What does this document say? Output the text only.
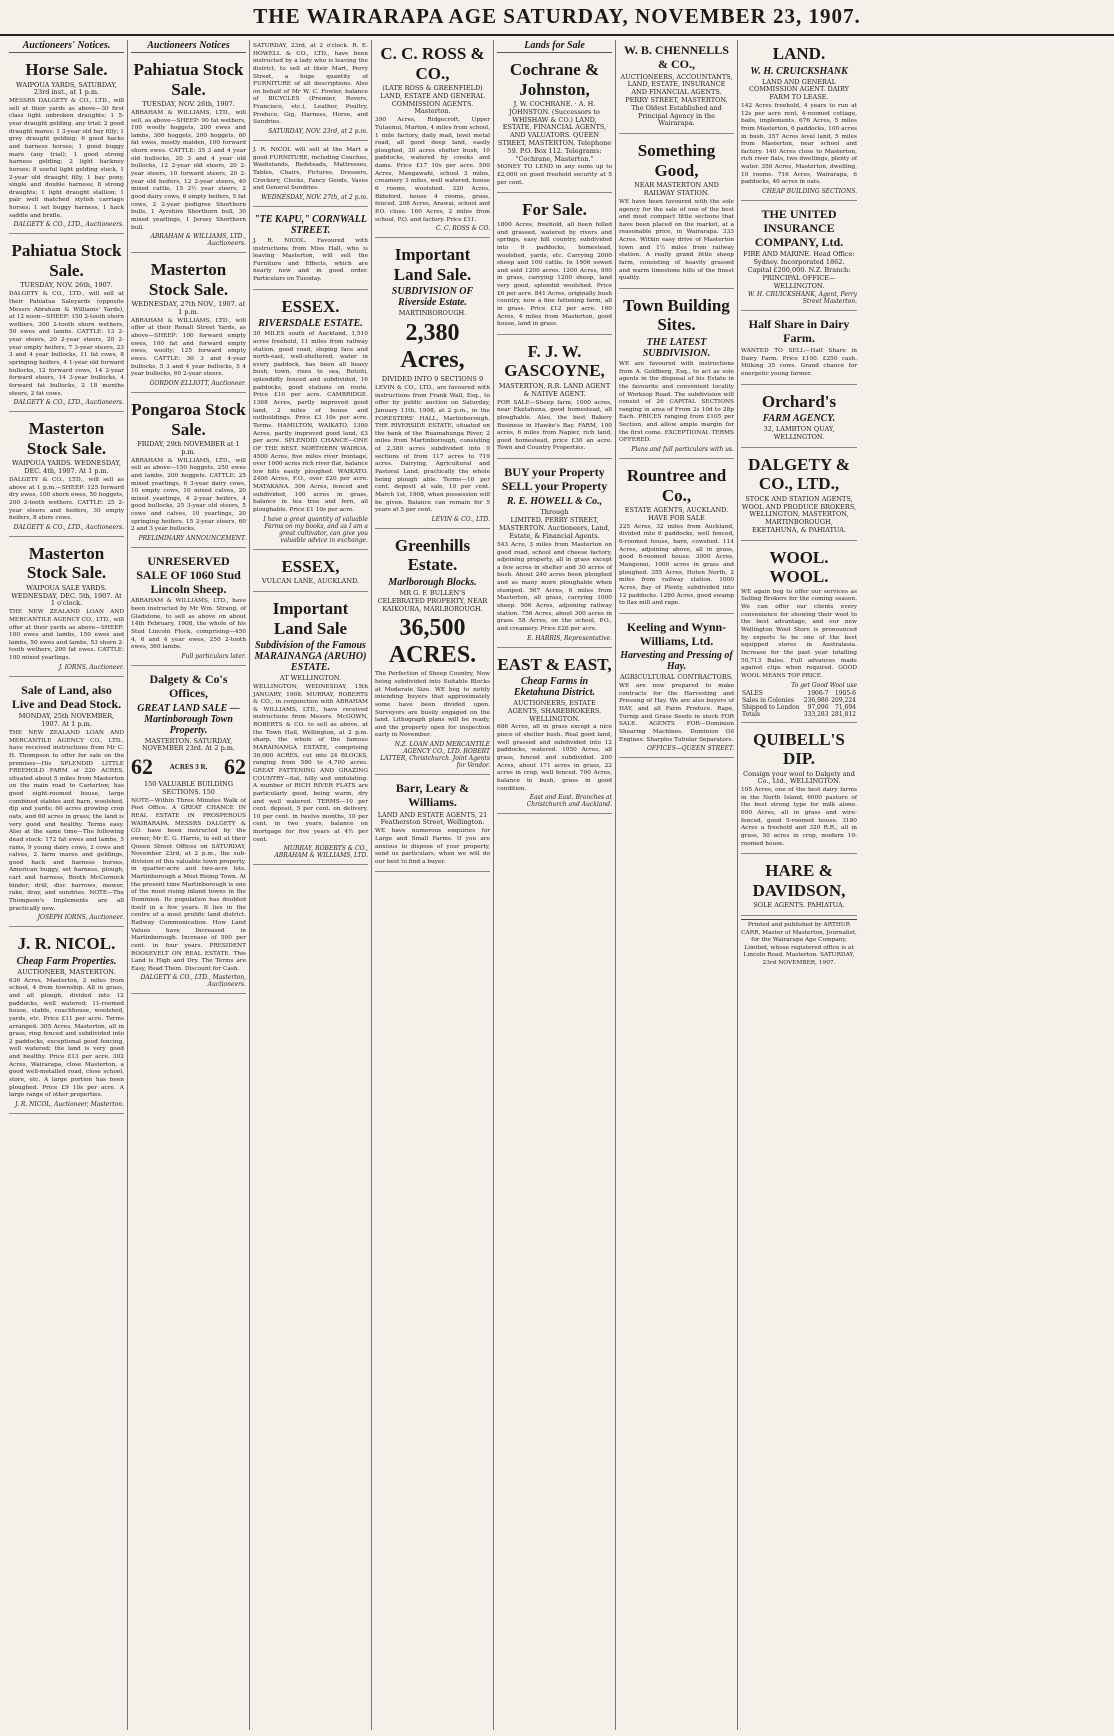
THE WAIRARAPA AGE SATURDAY, NOVEMBER 23, 1907.
Auctioneers' Notices.
Horse Sale.
WAIPOUA YARDS, SATURDAY, 23rd inst., at 1 p.m.
MESSRS DALGETY & CO., LTD., will sell at their yards as above—30 first class light unbroken draughts; 1 5-year draught gelding, any trial; 2 good draught mares; 1 3-year old bay filly; 1 grey draught gelding; 6 good hacks and harness horses; 1 good buggy mare (any trial); 1 good strong harness gelding; 2 light hackney horses; 8 useful light gelding stock, 1 2-year old draught filly, 1 bay pony, single and double harness; 8 strong draughts; 1 light draught stallion; 1 pair well matched stylish carriage horses; 1 set buggy harness, 1 hack saddle and bridle.
DALGETY & CO., LTD., Auctioneers.
Pahiatua Stock Sale.
TUESDAY, NOV. 26th, 1907.
DALGETY & CO., LTD., will sell at their Pahiatua Saleyards (opposite Messrs Abraham & Williams' Yards), at 12 noon—SHEEP: 150 2-tooth shorn wethers, 300 2-tooth shorn wethers, 50 ewes and lambs. CATTLE: 13 2-year steers, 20 2-year steers, 20 2-year empty heifers, 7 3-year steers, 23 3 and 4 year bullocks, 11 fat cows, 8 springing heifers, 4 1-year old forward bullocks, 12 forward cows, 14 2-year forward steers, 14 3-year bullocks, 4 forward fat bullocks, 2 18 months steers, 2 fat cows.
DALGETY & CO., LTD., Auctioneers.
Masterton Stock Sale.
WAIPOUA YARDS. WEDNESDAY, DEC. 4th, 1907. At 1 p.m.
DALGETY & CO., LTD., will sell as above at 1 p.m.—SHEEP: 125 forward dry ewes, 100 shorn ewes, 50 hoggets, 200 2-tooth wethers. CATTLE: 25 2-year steers and heifers, 30 empty heifers, 8 store cows.
DALGETY & CO., LTD., Auctioneers.
Masterton Stock Sale.
WAIPOUA SALE YARDS. WEDNESDAY, DEC. 5th, 1907. At 1 o'clock.
THE NEW ZEALAND LOAN AND MERCANTILE AGENCY CO., LTD., will offer at their yards as above—SHEEP: 100 ewes and lambs, 150 ewes and lambs, 50 ewes and lambs, 53 shorn 2-tooth wethers, 200 fat ewes. CATTLE: 100 mixed yearlings.
J. IORNS, Auctioneer.
Sale of Land, also Live and Dead Stock.
MONDAY, 25th NOVEMBER, 1907. At 1 p.m.
THE NEW ZEALAND LOAN AND MERCANTILE AGENCY CO., LTD., have received instructions from Mr C. H. Thompson to offer for sale on the premises—His SPLENDID LITTLE FREEHOLD FARM of 220 ACRES, situated about 5 miles from Masterton on the main road to Carterton; has good eight-roomed house, large combined stables and barn, woolshed, dip and yards; 60 acres growing crop oats, and 60 acres in grass; the land is very good and healthy. Terms easy. Also at the same time—The following dead stock: 172 fat ewes and lambs, 5 rams, 9 young dairy cows, 2 cows and calves, 2 farm mares and geldings, good hack and harness horses, American buggy, set harness, plough, cart and harness, Booth McCormick binder, drill, disc harrows, mower, rake, dray, and sundries. NOTE—The Thompson's Implements are all practically new.
JOSEPH IORNS, Auctioneer.
J. R. NICOL.
Cheap Farm Properties.
AUCTIONEER, MASTERTON.
636 Acres, Masterton, 2 miles from school, 4 from township. All in grass, and all plough, divided into 12 paddocks, well watered; 11-roomed house, stable, coachhouse, woolshed, yards, etc. Price £11 per acre. Terms arranged. 305 Acres, Masterton, all in grass, ring fenced and subdivided into 2 paddocks, exceptional good fencing, well watered; the land is very good and healthy. Price £13 per acre. 302 Acres, Wairarapa, close Masterton, a good well-metalled road, close school, store, etc. A large portion has been ploughed. Price £9 10s per acre. A large range of other properties.
J. R. NICOL, Auctioneer, Masterton.
Auctioneers Notices
Pahiatua Stock Sale.
TUESDAY, NOV. 26th, 1907.
ABRAHAM & WILLIAMS, LTD., will sell, as above—SHEEP: 90 fat wethers, 100 woolly hoggets, 200 ewes and lambs, 300 hoggets, 200 hoggets, 60 fat ewes, mostly maiden, 100 forward shorn ewes. CATTLE: 35 3 and 4 year old bullocks, 20 3 and 4 year old bullocks, 12 2-year old steers, 20 2-year steers, 10 forward steers, 20 2-year old heifers, 12 2-year steers, 40 mixed cattle, 15 2½ year steers, 2 good dairy cows, 6 empty heifers, 5 fat cows, 2 2-year pedigree Shorthorn bulls, 1 Ayrshire Shorthorn bull, 30 mixed yearlings, 1 Jersey Shorthorn bull.
ABRAHAM & WILLIAMS, LTD., Auctioneers.
Masterton Stock Sale.
WEDNESDAY, 27th NOV., 1907. at 1 p.m.
ABRAHAM & WILLIAMS, LTD., will offer at their Renall Street Yards, as above—SHEEP: 100 forward empty ewes, 100 fat and forward empty ewes, woolly; 125 forward empty ewes. CATTLE: 30 3 and 4-year bullocks, 5 3 and 4 year bullocks, 5 4 year bullocks, 60 2-year steers.
GORDON ELLIOTT, Auctioneer.
Pongaroa Stock Sale.
FRIDAY, 29th NOVEMBER at 1 p.m.
ABRAHAM & WILLIAMS, LTD., will sell as above—150 hoggets, 250 ewes and lambs, 200 hoggets. CATTLE: 25 mixed yearlings, 6 3-year dairy cows, 10 empty cows, 10 mixed calves, 20 mixed yearlings, 4 2-year heifers, 4 good bullocks, 25 3-year old steers, 5 cows and calves, 10 yearlings, 20 springing heifers, 15 2-year steers, 60 2 and 3 year bullocks.
PRELIMINARY ANNOUNCEMENT.
UNRESERVED SALE OF 1060 Stud Lincoln Sheep.
ABRAHAM & WILLIAMS, LTD., have been instructed by Mr Wm. Strang, of Gladstone, to sell as above on about 14th February, 1908, the whole of his Stud Lincoln Flock, comprising—450 4, 6 and 4 year ewes, 250 2-tooth ewes, 360 lambs.
Full particulars later.
Dalgety & Co's Offices,
GREAT LAND SALE — Martinborough Town Property.
MASTERTON. SATURDAY, NOVEMBER 23rd. At 2 p.m.
62 ACRES 3 R. 62
150 VALUABLE BUILDING SECTIONS. 150
NOTE—Within Three Minutes Walk of Post Office. A GREAT CHANCE IN REAL ESTATE IN PROSPEROUS WAIRARAPA. MESSRS DALGETY & CO. have been instructed by the owner, Mr E. G. Harris, to sell at their Queen Street Offices on SATURDAY, November 23rd, at 2 p.m., the sub-division of this valuable town property, in quarter-acre and two-acre lots. Martinborough a Most Rising Town. At the present time Martinborough is one of the most rising inland towns in the Dominion. Its population has doubled itself in a few years. It lies in the centre of a most prolific land district. Railway Communication. How Land Values have Increased in Martinborough. Increase of 500 per cent. in four years. PRESIDENT ROOSEVELT ON REAL ESTATE. This Land is High and Dry. The Terms are Easy, Read Them. Discount for Cash.
DALGETY & CO., LTD., Masterton, Auctioneers.
SATURDAY, 23rd, at 2 o'clock. R. E. HOWELL & CO., LTD., have been instructed by a lady who is leaving the district, to sell at their Mart, Perry Street, a huge quantity of FURNITURE of all descriptions. Also on behalf of Mr W. C. Fowler, balance of BICYCLES (Premier, Rovers, Francisco, etc.), Leather, Poultry, Produce, Gig, Harness, Horse, and Sundries.
SATURDAY, NOV. 23rd, at 2 p.m.
J. R. NICOL will sell at the Mart a good FURNITURE, including Couches, Washstands, Bedsteads, Mattresses, Tables, Chairs, Pictures, Dressers, Crockery, Clocks, Fancy Goods, Vases and General Sundries.
WEDNESDAY, NOV. 27th, at 2 p.m.
"TE KAPU," CORNWALL STREET.
J. R. NICOL. Favoured with instructions from Miss Hall, who is leaving Masterton, will sell the Furniture and Effects, which are nearly new and in good order. Particulars on Tuesday.
ESSEX.
RIVERSDALE ESTATE.
30 MILES south of Auckland, 1,510 acres freehold, 11 miles from railway station, good road, sloping face and north-east, well-sheltered, water in every paddock, has been all heavy bush, town, rises to sea, Rotoiti, splendidly fenced and subdivided, 16 paddocks, good stations on route. Price £10 per acre. CAMBRIDGE. 1368 Acres, partly improved good land, 2 miles of house and outbuildings. Price £3 10s per acre. Terms. HAMILTON, WAIKATO. 1300 Acres, partly improved good land, £3 per acre. SPLENDID CHANCE—ONE OF THE BEST. NORTHERN WAIROA. 4500 Acres, five miles river frontage, over 1000 acres rich river flat, balance low hills easily ploughed. WAIKATO. 2400 Acres, F.O., over £20 per acre. MATAKANA. 306 Acres, fenced and subdivided, 100 acres in grass, balance in tea tree and fern, all ploughable. Price £1 10s per acre.
I have a great quantity of valuable Farms on my books, and as I am a great cultivator, can give you valuable advice in exchange.
ESSEX,
VULCAN LANE, AUCKLAND.
Important Land Sale
Subdivision of the Famous MARAINANGA (ARUHO) ESTATE.
AT WELLINGTON.
WELLINGTON, WEDNESDAY, 15th JANUARY, 1908. MURRAY, ROBERTS & CO., in conjunction with ABRAHAM & WILLIAMS, LTD., have received instructions from Messrs. McGOWN, ROBERTS & CO. to sell as above, at the Town Hall, Wellington, at 2 p.m. sharp, the whole of the famous MARAINANGA ESTATE, comprising 36,000 ACRES, cut into 24 BLOCKS, ranging from 580 to 4,700 acres. GREAT FATTENING AND GRAZING COUNTRY—flat, hilly and undulating. A number of RICH RIVER FLATS are particularly good, being warm, dry and well watered. TERMS—10 per cent. deposit, 5 per cent. on delivery, 10 per cent. in twelve months, 10 per cent. in two years, balance on mortgage for five years at 4½ per cent.
MURRAY, ROBERTS & CO., ABRAHAM & WILLIAMS, LTD.
C. C. ROSS & CO.,
(LATE ROSS & GREENFIELD) LAND, ESTATE AND GENERAL COMMISSION AGENTS. Masterton.
390 Acres, Ridgecroft, Upper Tutaenui, Marton, 4 miles from school, 1 mile factory, daily mail, level metal road, all good deep land, easily ploughed, 30 acres shelter bush, 10 paddocks, watered by creeks and dams. Price £17 10s per acre. 500 Acres, Mangawahi, school 3 miles, creamery 3 miles, well watered, house 6 rooms, woolshed. 320 Acres, Bideford, house 4 rooms, grass, fenced. 208 Acres, Arawai, school and P.O. close. 160 Acres, 2 miles from school, P.O. and factory. Price £11.
C. C. ROSS & CO.
Important Land Sale.
SUBDIVISION OF Riverside Estate.
MARTINBOROUGH.
2,380 Acres,
DIVIDED INTO 9 SECTIONS 9
LEVIN & CO., LTD., are favoured with instructions from Frank Wall, Esq., to offer by public auction on Saturday, January 11th, 1908, at 2 p.m., in the FORESTERS' HALL, Martinborough. THE RIVERSIDE ESTATE, situated on the bank of the Ruamahunga River, 2 miles from Martinborough, consisting of 2,380 acres subdivided into 9 sections of from 117 acres to 719 acres. Dairying, Agricultural and Pastoral Land, practically the whole being plough able. Terms—10 per cent. deposit at sale, 10 per cent. March 1st, 1908, when possession will be given. Balance can remain for 5 years at 5 per cent.
LEVIN & CO., LTD.
Greenhills Estate.
Marlborough Blocks.
MR G. F. BULLEN'S CELEBRATED PROPERTY, NEAR KAIKOURA, MARLBOROUGH.
36,500 ACRES.
The Perfection of Sheep Country, Now being subdivided into Suitable Blocks at Moderate Size. WE beg to notify intending buyers that approximately some have been divided upon. Surveyors are busily engaged on the land. Lithograph plans will be ready, and the property open for inspection early in November.
N.Z. LOAN AND MERCANTILE AGENCY CO., LTD. ROBERT LATTER, Christchurch. Joint Agents for Vendor.
Barr, Leary & Williams.
LAND AND ESTATE AGENTS, 21 Featherston Street, Wellington.
WE have numerous enquiries for Large and Small Farms. If you are anxious to dispose of your property, send us particulars, when we will do our best to find a buyer.
Lands for Sale
Cochrane & Johnston,
J. W. COCHRANE. · A. H. JOHNSTON. (Successors to WHISHAW & CO.) LAND, ESTATE, FINANCIAL AGENTS, AND VALUATORS. QUEEN STREET, MASTERTON. Telephone 59. P.O. Box 112. Telegrams: "Cochrane, Masterton."
MONEY TO LEND in any sums up to £2,000 on good freehold security at 5 per cent.
For Sale.
1800 Acres, freehold, all been felled and grassed, watered by rivers and springs, easy hill country, subdivided into 9 paddocks, homestead, woolshed, yards, etc. Carrying 2000 sheep and 100 cattle. In 1906 sowed and sold 1200 acres. 1200 Acres, 900 in grass, carrying 1200 sheep, land very good, splendid woolshed. Price £6 per acre. 841 Acres, originally bush country, now a fine fattening farm, all in grass. Price £12 per acre. 160 Acres, 4 miles from Masterton, good house, land in grass.
F. J. W. GASCOYNE,
MASTERTON, R.R. LAND AGENT & NATIVE AGENT.
FOR SALE—Sheep farm, 1000 acres, near Eketahuna, good homestead, all ploughable. Also, the best Bakery Business in Hawke's Bay. FARM, 100 acres, 6 miles from Napier, rich land, good homestead, price £30 an acre. Town and Country Properties.
BUY your Property SELL your Property
R. E. HOWELL & Co.,
Through
LIMITED. PERRY STREET, MASTERTON. Auctioneers, Land, Estate, & Financial Agents.
543 Acre, 3 miles from Masterton on good road, school and cheese factory, adjoining property, all in grass except a few acres in shelter and 30 acres of bush. About 240 acres been ploughed and as many more ploughable when stumped. 567 Acres, 6 miles from Masterton, all grass, carrying 1000 sheep. 506 Acres, adjoining railway station. 756 Acres, about 300 acres in grass. 58 Acres, on the school, P.O., and creamery. Price £26 per acre.
E. HARRIS, Representative.
EAST & EAST,
Cheap Farms in Eketahuna District.
AUCTIONEERS, ESTATE AGENTS, SHAREBROKERS. WELLINGTON.
686 Acres, all in grass except a nice piece of shelter bush. Real good land, well grassed and subdivided into 12 paddocks, watered. 1050 Acres, all grass, fenced and subdivided. 200 Acres, about 171 acres in grass, 22 acres in crop, well fenced. 700 Acres, balance in bush, grass in good condition.
East and East. Branches at Christchurch and Auckland.
W. B. CHENNELLS & CO.,
AUCTIONEERS, ACCOUNTANTS, LAND, ESTATE, INSURANCE AND FINANCIAL AGENTS. PERRY STREET, MASTERTON. The Oldest Established and Principal Agency in the Wairarapa.
Something Good,
NEAR MASTERTON AND RAILWAY STATION.
WE have been favoured with the sole agency for the sale of one of the best and most compact little sections that have been placed on the market, at a reasonable price, in Wairarapa. 333 Acres. Within easy drive of Masterton town and 1½ miles from railway station. A really grand little sheep farm, consisting of heavily grassed and warm limestone hills of the finest quality.
Town Building Sites.
THE LATEST SUBDIVISION.
WE are favoured with instructions from A. Goldberg, Esq., to act as sole agents in the disposal of his Estate in the favourite and convenient locality of Worksop Road. The subdivision will consist of 26 CAPITAL SECTIONS ranging in area of From 2s 10d to 28p Each. PRICES ranging from £105 per Section, and allow ample margin for the first come. EXCEPTIONAL TERMS OFFERED.
Plans and full particulars with us.
Rountree and Co.,
ESTATE AGENTS, AUCKLAND. HAVE FOR SALE
225 Acres, 32 miles from Auckland, divided into 6 paddocks, well fenced, 6-roomed house, barn, cowshed. 114 Acres, adjoining above, all in grass, good 6-roomed house. 3000 Acres, Mangonui, 1000 acres in grass and ploughed. 355 Acres, Hoten North, 2 miles from railway station. 1000 Acres, Bay of Plenty, subdivided into 12 paddocks. 1280 Acres, good swamp to flax mill and rape.
Keeling and Wynn-Williams, Ltd.
Harvesting and Pressing of Hay.
AGRICULTURAL CONTRACTORS.
WE are now prepared to make contracts for the Harvesting and Pressing of Hay. We are also buyers of HAY, and all Farm Produce. Rape, Turnip and Grass Seeds in stock FOR SALE. AGENTS FOR—Dominion Shearing Machines. Dominion Oil Engines. Sharples Tubular Separators.
OFFICES—QUEEN STREET.
LAND.
W. H. CRUICKSHANK
LAND AND GENERAL COMMISSION AGENT. DAIRY FARM TO LEASE.
142 Acres freehold, 4 years to run at 12s per acre rent, 4-roomed cottage, bails, implements. 676 Acres, 5 miles from Masterton, 6 paddocks, 100 acres in bush. 357 Acres level land, 5 miles from Masterton, near school and factory. 140 Acres close to Masterton, rich river flats, two dwellings, plenty of water. 350 Acres, Masterton, dwelling, 10 rooms. 716 Acres, Wairarapa, 6 paddocks, 40 acres in oats.
CHEAP BUILDING SECTIONS.
THE UNITED INSURANCE COMPANY, Ltd.
FIRE AND MARINE. Head Office: Sydney. Incorporated 1862. Capital £200,000. N.Z. Branch: PRINCIPAL OFFICE—WELLINGTON.
W. H. CRUICKSHANK, Agent, Perry Street Masterton.
Half Share in Dairy Farm.
WANTED TO SELL—Half Share in Dairy Farm. Price £100. £250 cash. Milking 35 cows. Grand chance for energetic young farmer.
Orchard's
FARM AGENCY.
32, LAMBTON QUAY, WELLINGTON.
DALGETY & CO., LTD.,
STOCK AND STATION AGENTS, WOOL AND PRODUCE BROKERS, WELLINGTON, MASTERTON, MARTINBOROUGH, EKETAHUNA, & PAHIATUA.
WOOL. WOOL.
WE again beg to offer our services as Selling Brokers for the coming season. We can offer our clients every convenience for showing their wool to the best advantage, and our new Wellington Wool Store is pronounced by experts to be one of the best equipped stores in Australasia. Increase for the past year totalling 50,713 Bales. Full advances made against clips when required. GOOD WOOL MEANS TOP PRICE.
To get Good Wool use
SALES	1906-7	1905-6
Sales in Colonies	236,986	209,224
Shipped to London	97,096	71,694
Totals	333,283	281,812
QUIBELL'S DIP.
Consign your wool to Dalgety and Co., Ltd., WELLINGTON.
105 Acres, one of the best dairy farms in the North Island, 6000 pasture of the best strong type for milk alone. 600 Acres, all in grass and wire-fenced, good 5-roomed house. 3180 Acres a freehold and 320 R.R., all in grass, 50 acres in crop, modern 10-roomed house.
HARE & DAVIDSON,
SOLE AGENTS. PAHIATUA.
Printed and published by ARTHUR CARR, Master of Masterton, Journalist, for the Wairarapa Age Company, Limited, whose registered office is at Lincoln Road, Masterton. SATURDAY, 23rd NOVEMBER, 1907.
